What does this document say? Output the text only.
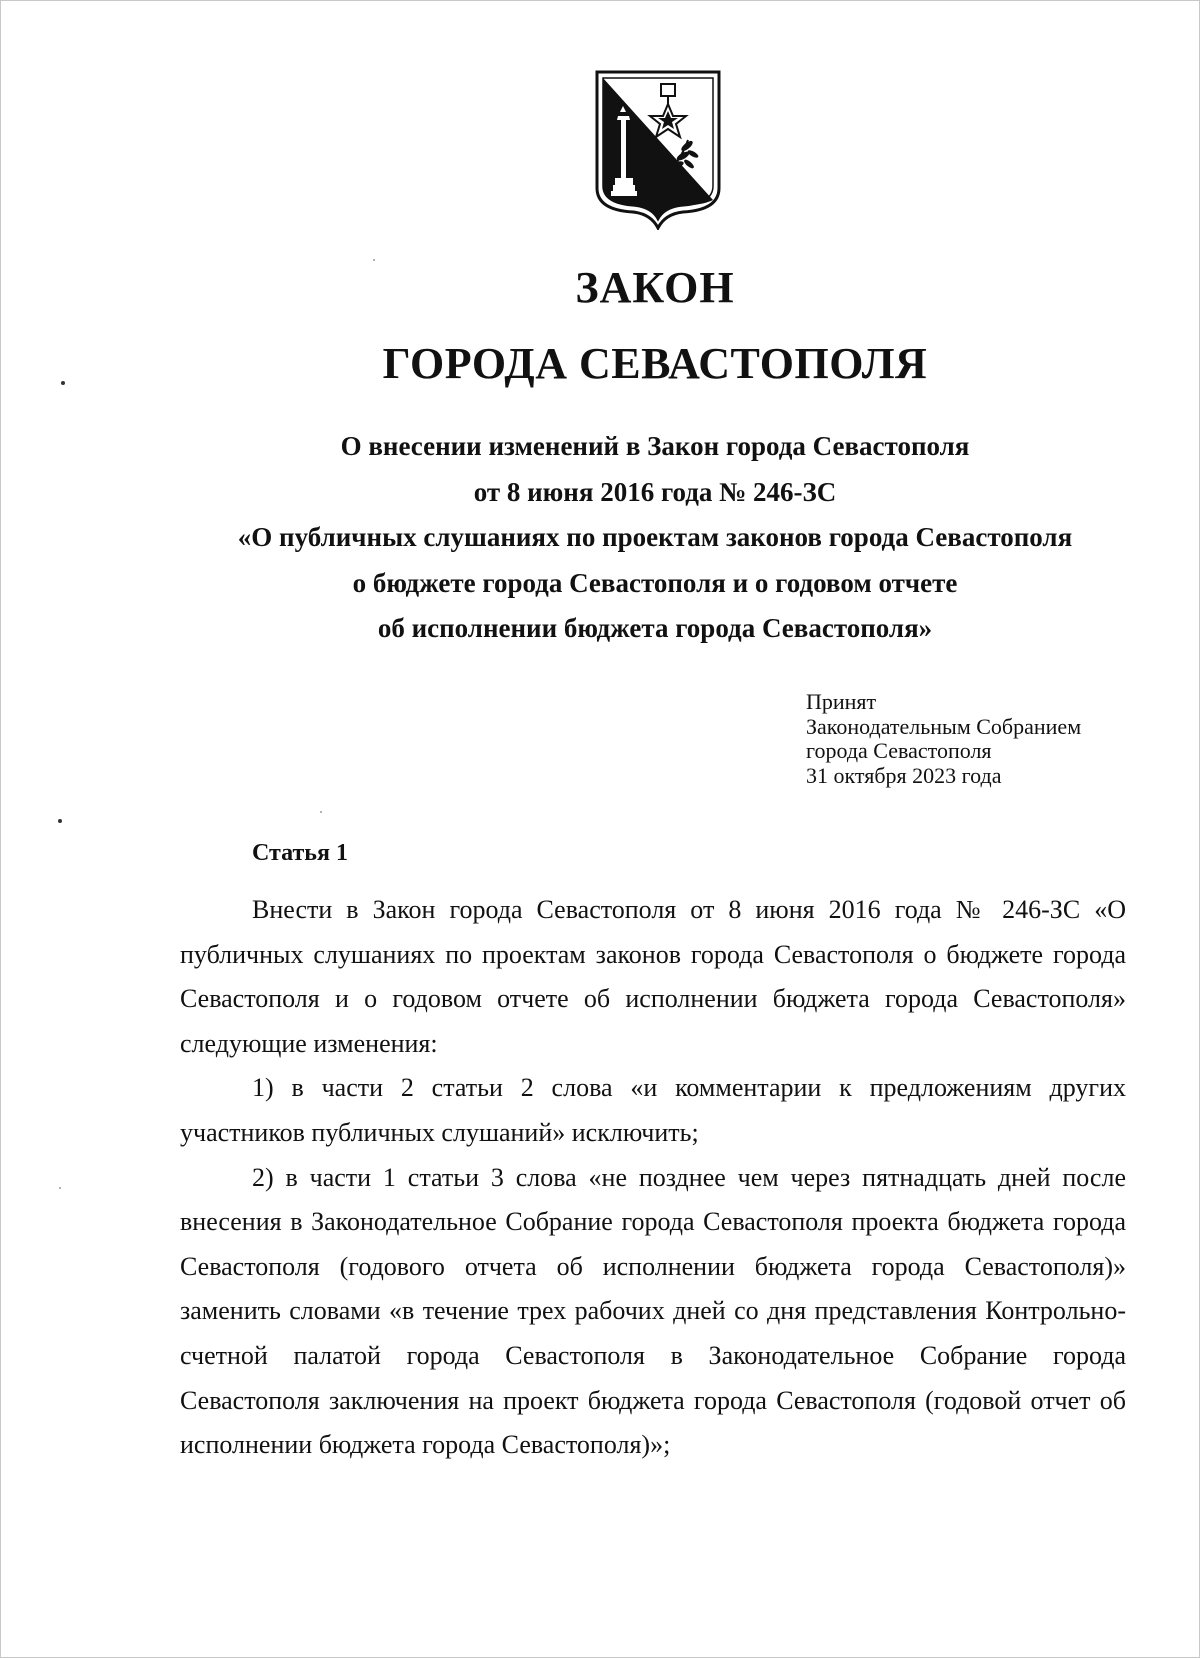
ЗАКОН
ГОРОДА СЕВАСТОПОЛЯ
О внесении изменений в Закон города Севастополя
от 8 июня 2016 года № 246-ЗС
«О публичных слушаниях по проектам законов города Севастополя
о бюджете города Севастополя и о годовом отчете
об исполнении бюджета города Севастополя»
Принят
Законодательным Собранием
города Севастополя
31 октября 2023 года
Статья 1

Внести в Закон города Севастополя от 8 июня 2016 года № 246-ЗС «О публичных слушаниях по проектам законов города Севастополя о бюджете города Севастополя и о годовом отчете об исполнении бюджета города Севастополя» следующие изменения:

1) в части 2 статьи 2 слова «и комментарии к предложениям других участников публичных слушаний» исключить;

2) в части 1 статьи 3 слова «не позднее чем через пятнадцать дней после внесения в Законодательное Собрание города Севастополя проекта бюджета города Севастополя (годового отчета об исполнении бюджета города Севастополя)» заменить словами «в течение трех рабочих дней со дня представления Контрольно-счетной палатой города Севастополя в Законодательное Собрание города Севастополя заключения на проект бюджета города Севастополя (годовой отчет об исполнении бюджета города Севастополя)»;
